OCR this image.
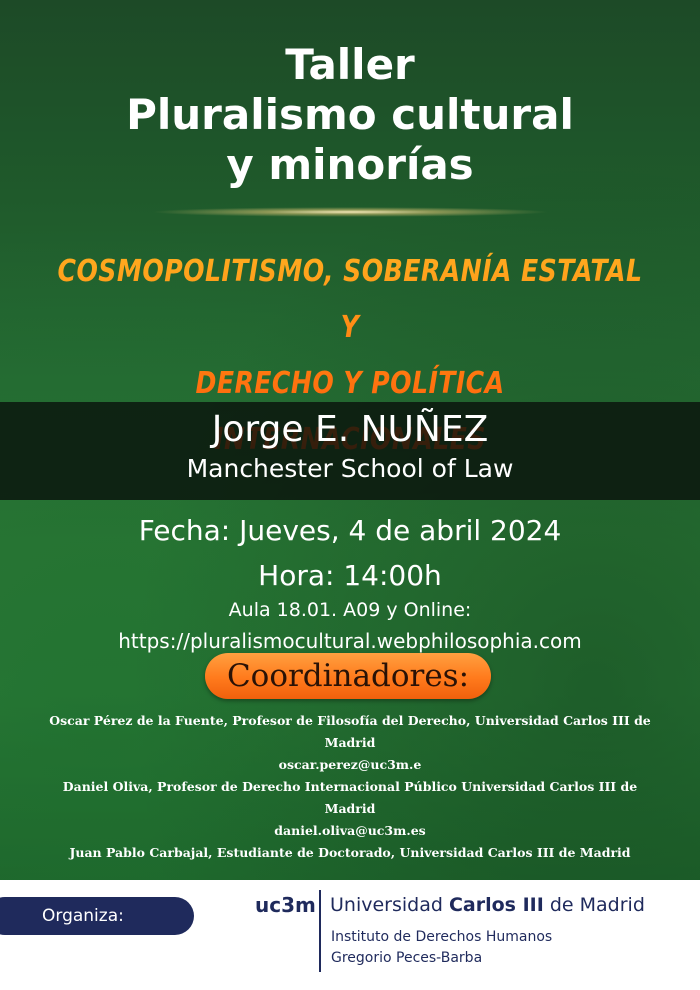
Taller
Pluralismo cultural
y minorías
COSMOPOLITISMO, SOBERANÍA ESTATAL Y
DERECHO Y POLÍTICA
Jorge E. NUÑEZ
Manchester School of Law
Fecha: Jueves, 4 de abril 2024
Hora: 14:00h
Aula 18.01. A09 y Online:
https://pluralismocultural.webphilosophia.com
Coordinadores:
Oscar Pérez de la Fuente, Profesor de Filosofía del Derecho, Universidad Carlos III de
Madrid
oscar.perez@uc3m.e
Daniel Oliva, Profesor de Derecho Internacional Público Universidad Carlos III de
Madrid
daniel.oliva@uc3m.es
Juan Pablo Carbajal, Estudiante de Doctorado, Universidad Carlos III de Madrid
Organiza:	uc3m Universidad Carlos III de Madrid
Instituto de Derechos Humanos
Gregorio Peces-Barba
